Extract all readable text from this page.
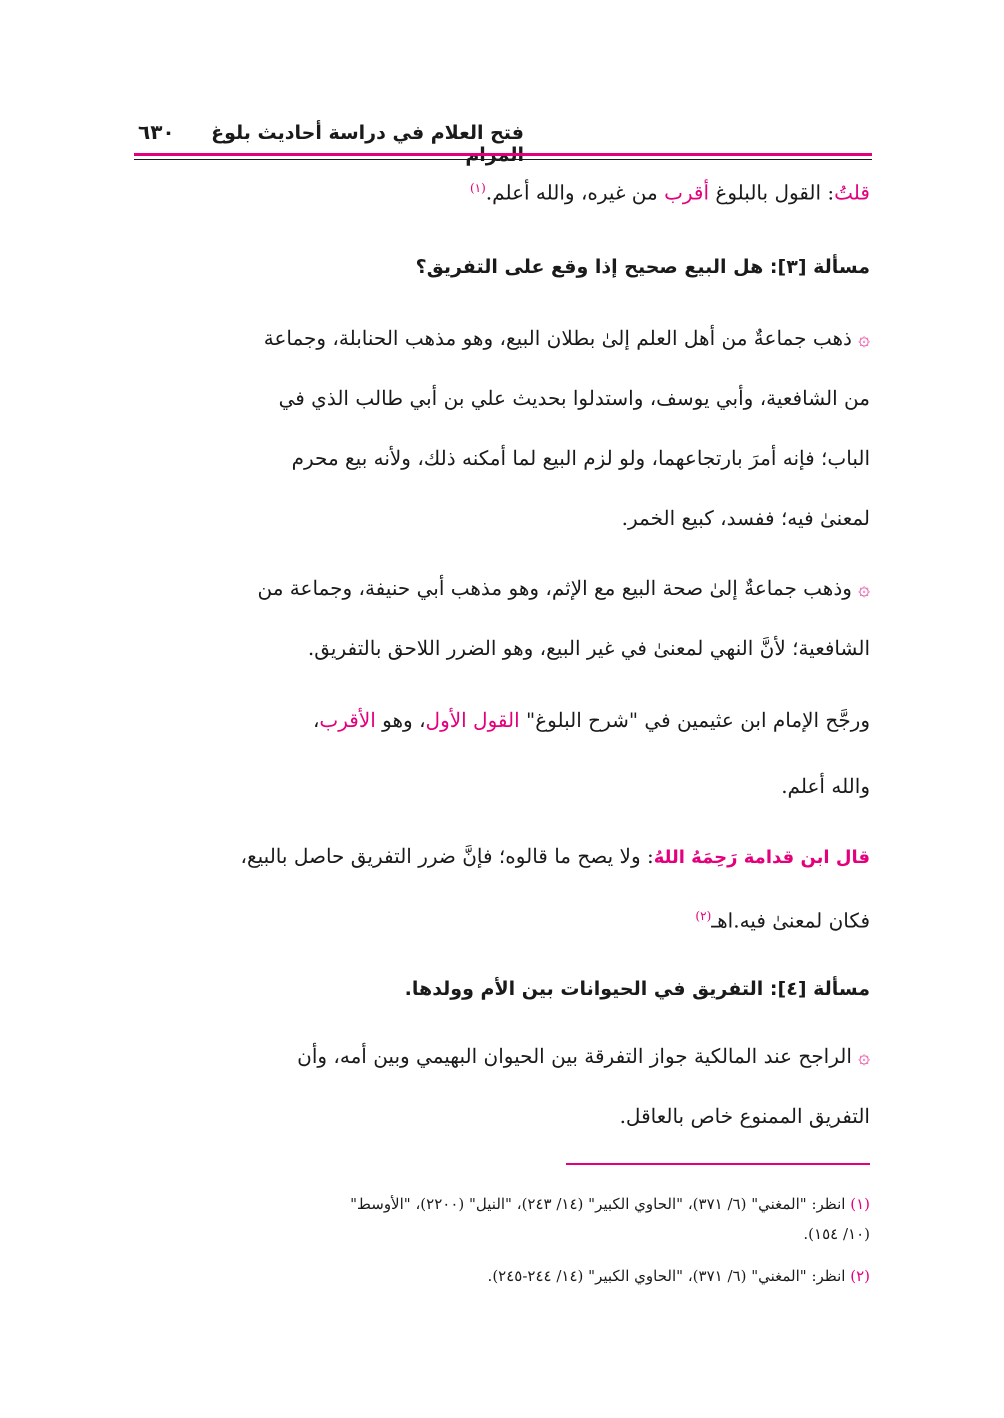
فتح العلام في دراسة أحاديث بلوغ
٦٣٠
قلتُ: القول بالبلوغ أقرب من غيره، والله أعلم.$^{(١)}$
مسألة [٣]: هل البيع صحيح إذا وقع على التفريق؟
۞ ذهب جماعةٌ من أهل العلم إلىٰ بطلان البيع، وهو مذهب الحنابلة، وجماعة
من الشافعية، وأبي يوسف، واستدلوا بحديث علي بن أبي طالب الذي في
الباب؛ فإنه أمرَ بارتجاعهما، ولو لزم البيع لما أمكنه ذلك، ولأنه بيع محرم
لمعنىٰ فيه؛ ففسد، كبيع الخمر.
۞ وذهب جماعةٌ إلىٰ صحة البيع مع الإثم، وهو مذهب أبي حنيفة، وجماعة من
الشافعية؛ لأنَّ النهي لمعنىٰ في غير البيع، وهو الضرر اللاحق بالتفريق.
ورجَّح الإمام ابن عثيمين في "شرح البلوغ" القول الأول، وهو الأقرب،
والله أعلم.
قال ابن قدامة رَحِمَهُ اللهُ: ولا يصح ما قالوه؛ فإنَّ ضرر التفريق حاصل بالبيع،
فكان لمعنىٰ فيه.اهـ$^{(٢)}$
مسألة [٤]: التفريق في الحيوانات بين الأم وولدها.
۞ الراجح عند المالكية جواز التفرقة بين الحيوان البهيمي وبين أمه، وأن
التفريق الممنوع خاص بالعاقل.
(١) انظر: "المغني" (٦/ ٣٧١)، "الحاوي الكبير" (١٤/ ٢٤٣)، "النيل" (٢٢٠٠)، "الأوسط"
(١٠/ ١٥٤).
(٢) انظر: "المغني" (٦/ ٣٧١)، "الحاوي الكبير" (١٤/ ٢٤٤-٢٤٥).
